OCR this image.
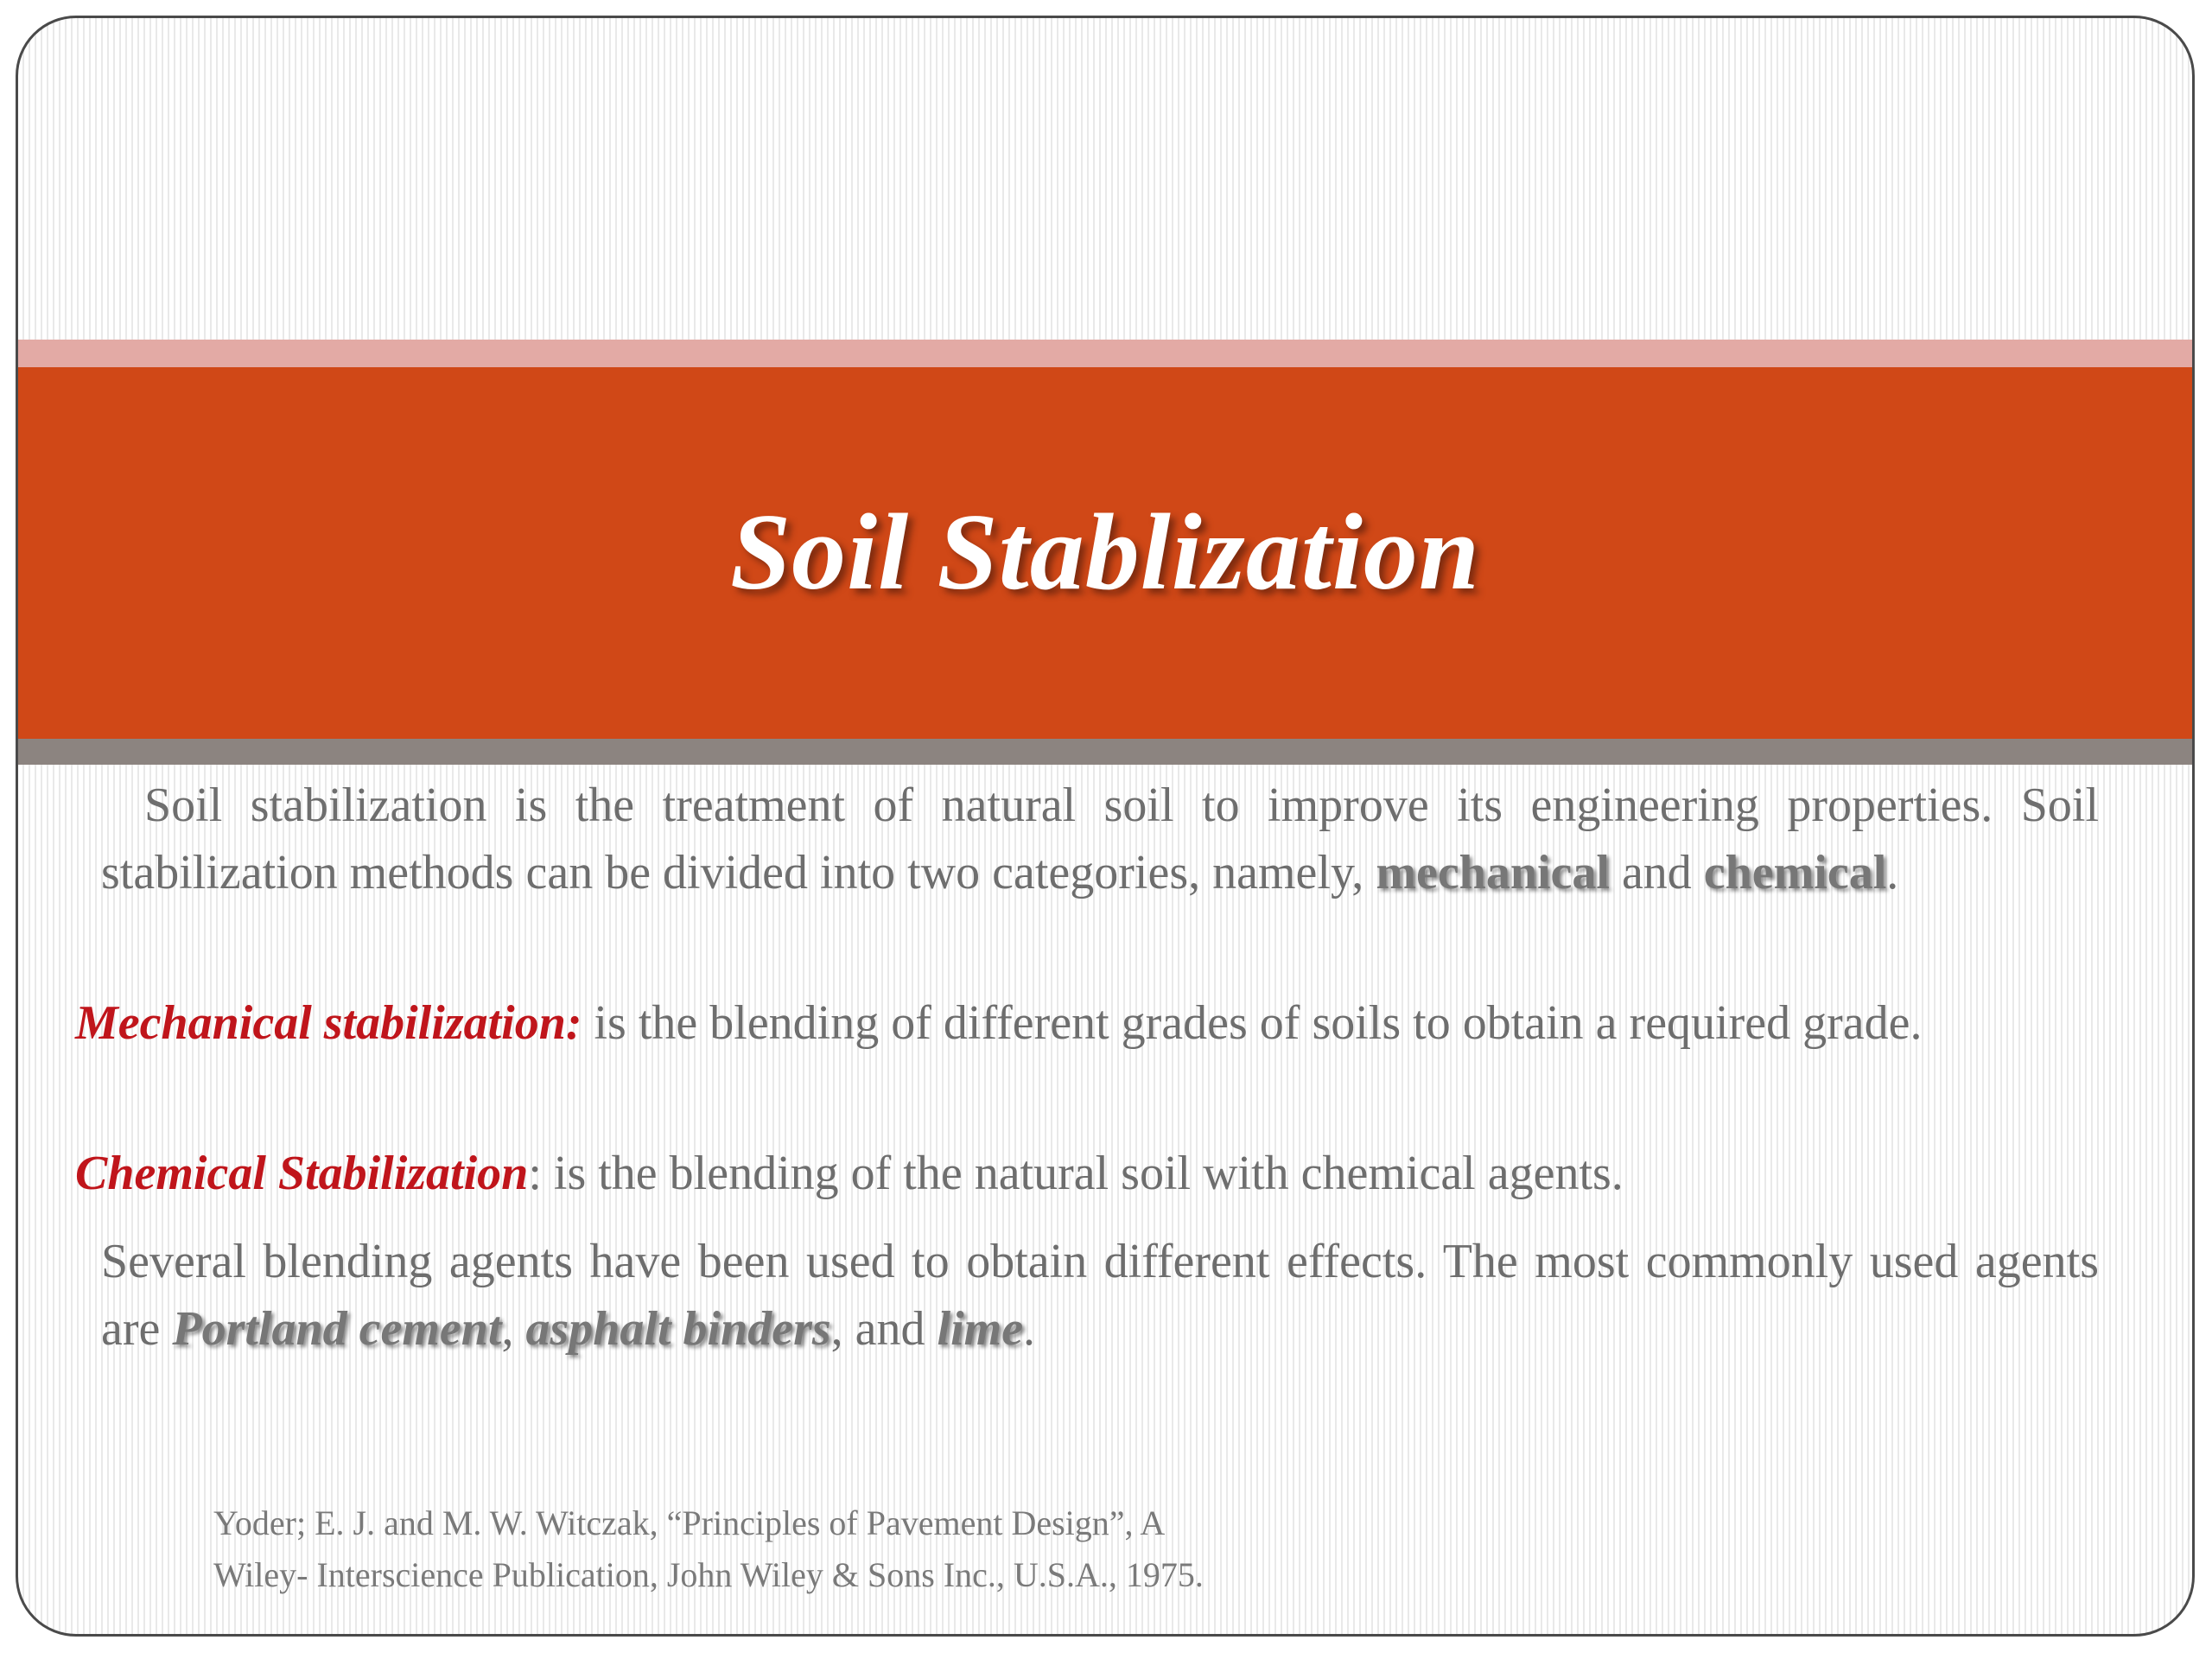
Soil Stablization
Soil stabilization is the treatment of natural soil to improve its engineering properties. Soil stabilization methods can be divided into two categories, namely, mechanical and chemical.
Mechanical stabilization: is the blending of different grades of soils to obtain a required grade.
Chemical Stabilization: is the blending of the natural soil with chemical agents.
Several blending agents have been used to obtain different effects. The most commonly used agents are Portland cement, asphalt binders, and lime.
Yoder; E. J. and M. W. Witczak, “Principles of Pavement Design”, A
Wiley- Interscience Publication, John Wiley & Sons Inc., U.S.A., 1975.
